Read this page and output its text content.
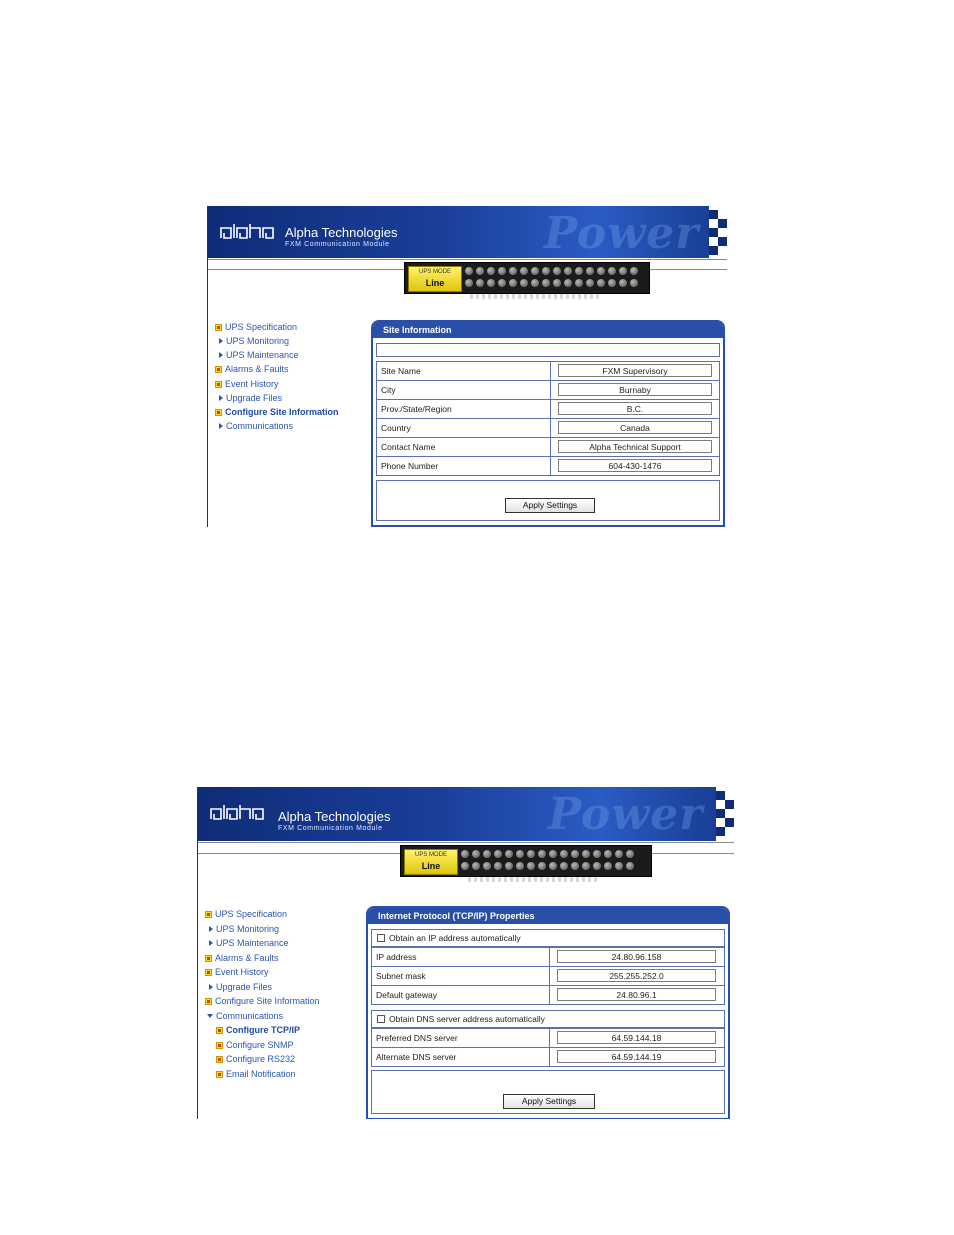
Power
Alpha Technologies
FXM Communication Module
UPS MODE
Line
UPS Specification
UPS Monitoring
UPS Maintenance
Alarms & Faults
Event History
Upgrade Files
Configure Site Information
Communications
Site Information
Site Name	FXM Supervisory
City	Burnaby
Prov./State/Region	B.C.
Country	Canada
Contact Name	Alpha Technical Support
Phone Number	604-430-1476
Apply Settings
Power
Alpha Technologies
FXM Communication Module
UPS MODE
Line
UPS Specification
UPS Monitoring
UPS Maintenance
Alarms & Faults
Event History
Upgrade Files
Configure Site Information
Communications
Configure TCP/IP
Configure SNMP
Configure RS232
Email Notification
Internet Protocol (TCP/IP) Properties
Obtain an IP address automatically
IP address	24.80.96.158
Subnet mask	255.255.252.0
Default gateway	24.80.96.1
Obtain DNS server address automatically
Preferred DNS server	64.59.144.18
Alternate DNS server	64.59.144.19
Apply Settings
